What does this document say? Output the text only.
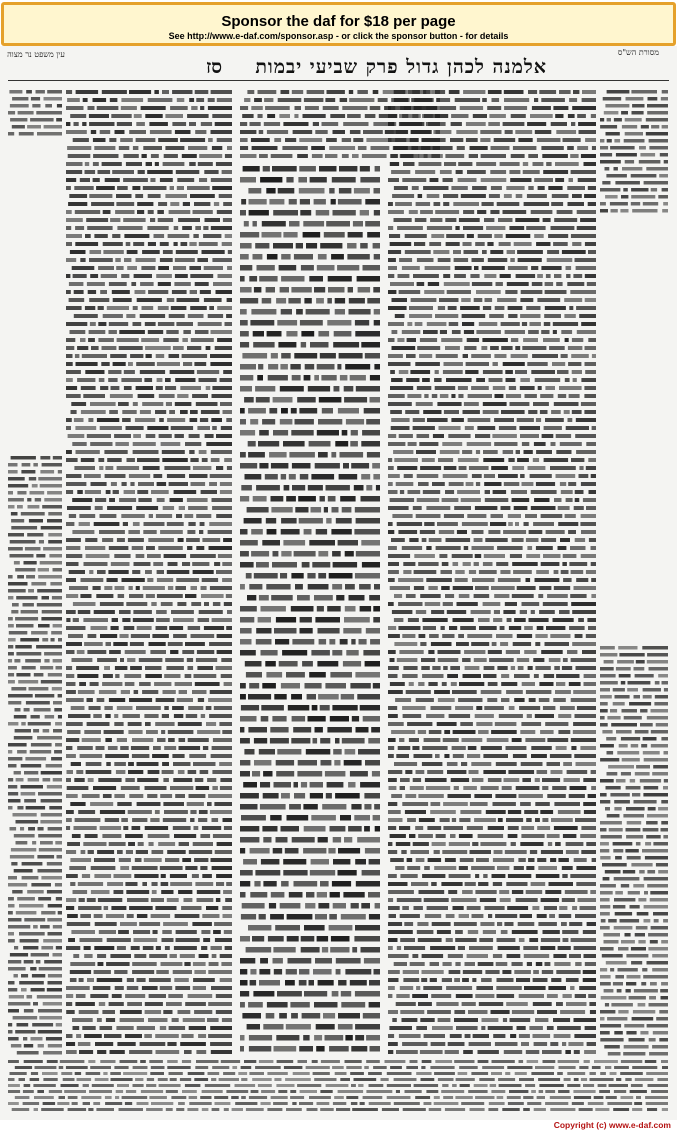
Sponsor the daf for $18 per page
See http://www.e-daf.com/sponsor.asp - or click the sponsor button - for details
עין משפט נר מצוה
סז אלמנה לכהן גדול פרק שביעי יבמות
מסורת הש"ס
Copyright (c) www.e-daf.com
